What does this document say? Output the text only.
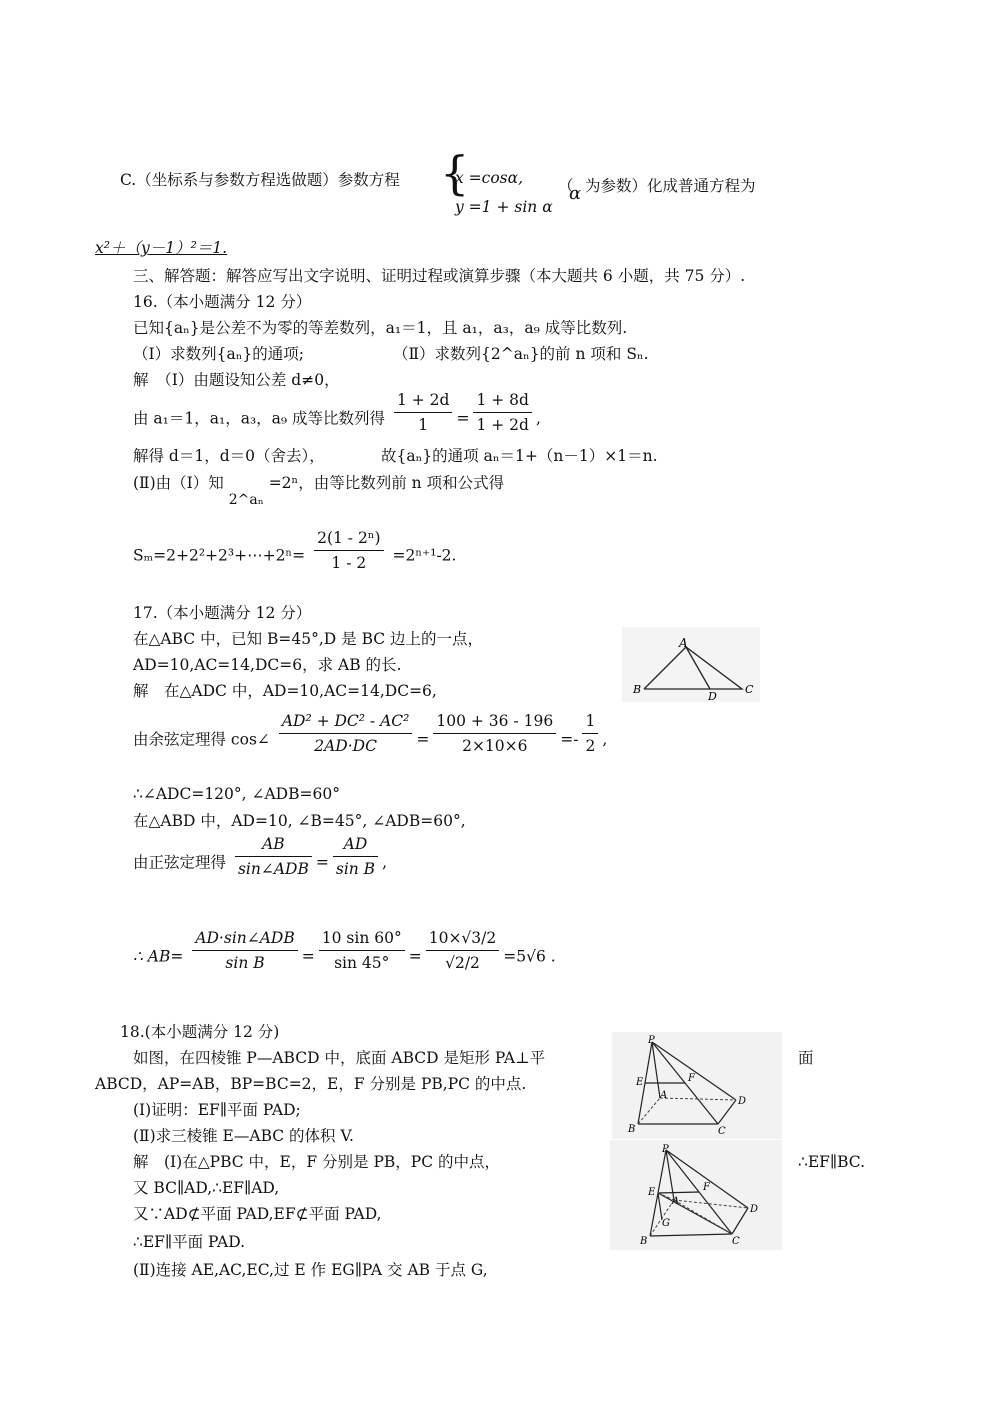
C.（坐标系与参数方程选做题）参数方程 {
x =cosα,
y =1 + sin α
（
α 为参数）化成普通方程为
x²＋（y－1）²＝1.
三、解答题：解答应写出文字说明、证明过程或演算步骤（本大题共 6 小题，共 75 分）.
16.（本小题满分 12 分）
已知{aₙ}是公差不为零的等差数列，a₁＝1，且 a₁，a₃，a₉ 成等比数列.
（Ⅰ）求数列{aₙ}的通项;	（Ⅱ）求数列{2^aₙ}的前 n 项和 Sₙ.
解　（Ⅰ）由题设知公差 d≠0，
由 a₁＝1，a₁，a₃，a₉ 成等比数列得 $\frac{1 + 2d}{1} = \frac{1 + 8d}{1 + 2d}$ ,
解得 d＝1，d＝0（舍去），	故{aₙ}的通项 aₙ＝1+（n－1）×1＝n.
(Ⅱ)由（Ⅰ）知 2^aₙ =2ⁿ，由等比数列前 n 项和公式得
Sₘ=2+2²+2³+⋯+2ⁿ= $\frac{\text{2(1 - 2ⁿ)}}{1 - 2} =2^{n+1}-2$.
17.（本小题满分 12 分）
在△ABC 中，已知 B=45°,D 是 BC 边上的一点，
AD=10,AC=14,DC=6，求 AB 的长.
解　在△ADC 中，AD=10,AC=14,DC=6,
A
B	C
D
由余弦定理得 cos∠ $\frac{\text{AD² + DC² - AC²}}{2AD\cdot DC} = \frac{100 + 36 - 196}{2\times 10\times 6} =- \frac{1}{2}$ ,
∴∠ADC=120°, ∠ADB=60°
在△ABD 中，AD=10, ∠B=45°, ∠ADB=60°,
由正弦定理得 $\frac{AB}{\text{sin∠ADB}} = \frac{AD}{\text{sin B}}$ ,
∴ $AB= \frac{\text{AD·sin∠ADB}}{\text{sin B}} = \frac{10 \sin 60^\circ}{\sin 45^\circ} = \frac{10\times√3/2}{√2/2} =5√6$ .
18.(本小题满分 12 分)
如图，在四棱锥 P—ABCD 中，底面 ABCD 是矩形 PA⊥平	面
ABCD，AP=AB，BP=BC=2，E，F 分别是 PB,PC 的中点.
(Ⅰ)证明：EF∥平面 PAD;
(Ⅱ)求三棱锥 E—ABC 的体积 V.
解　(Ⅰ)在△PBC 中，E，F 分别是 PB，PC 的中点，	∴EF∥BC.
又 BC∥AD,∴EF∥AD,
又∵AD⊄平面 PAD,EF⊄平面 PAD,
∴EF∥平面 PAD.
(Ⅱ)连接 AE,AC,EC,过 E 作 EG∥PA 交 AB 于点 G,
P
E	F
A
D
B	C
P
E	F
A
D
B	C
G
